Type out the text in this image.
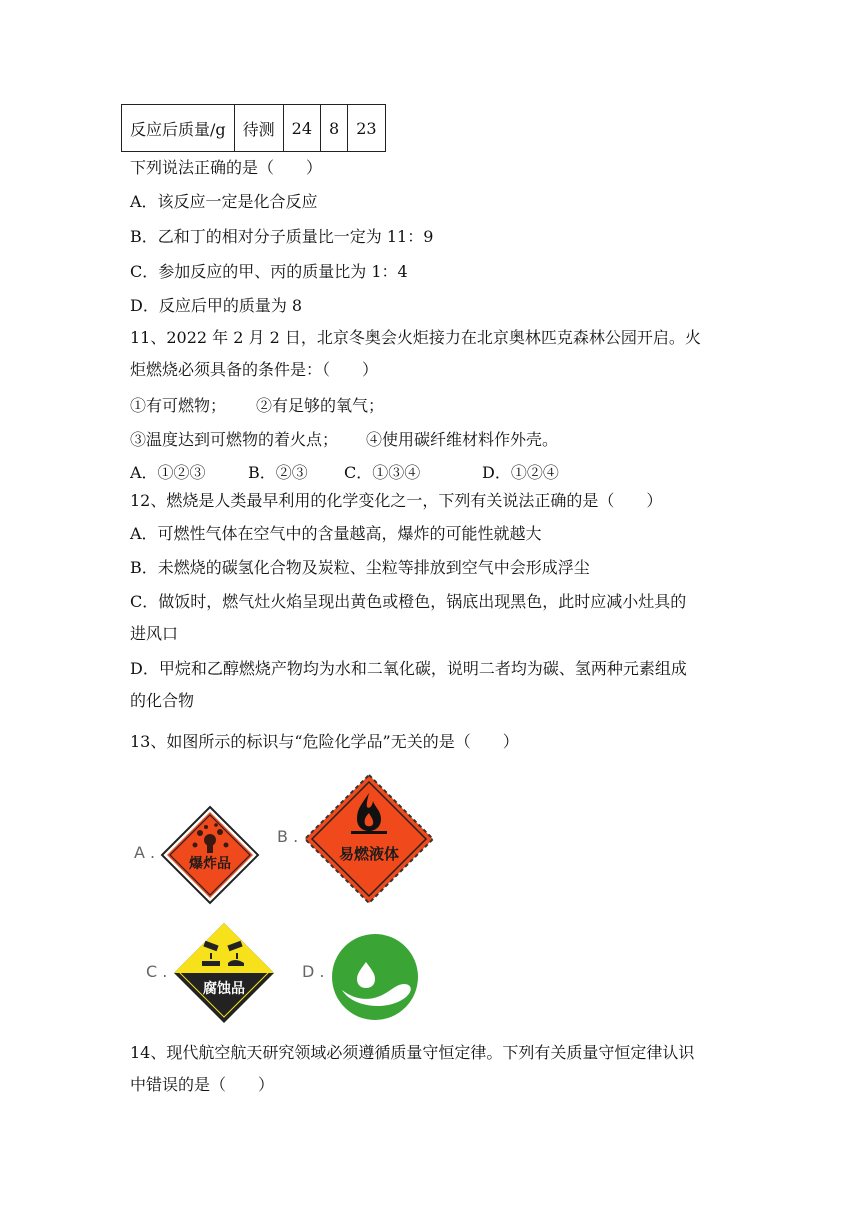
反应后质量/g	待测	24	8	23
下列说法正确的是（　　）
A．该反应一定是化合反应
B．乙和丁的相对分子质量比一定为 11：9
C．参加反应的甲、丙的质量比为 1：4
D．反应后甲的质量为 8
11、2022 年 2 月 2 日，北京冬奥会火炬接力在北京奥林匹克森林公园开启。火
炬燃烧必须具备的条件是：（　　）
①有可燃物； ②有足够的氧气；
③温度达到可燃物的着火点； ④使用碳纤维材料作外壳。
A．①②③	B．②③ C．①③④	D．①②④
12、燃烧是人类最早利用的化学变化之一，下列有关说法正确的是（　　）
A．可燃性气体在空气中的含量越高，爆炸的可能性就越大
B．未燃烧的碳氢化合物及炭粒、尘粒等排放到空气中会形成浮尘
C．做饭时，燃气灶火焰呈现出黄色或橙色，锅底出现黑色，此时应减小灶具的
进风口
D．甲烷和乙醇燃烧产物均为水和二氧化碳，说明二者均为碳、氢两种元素组成
的化合物
13、如图所示的标识与“危险化学品”无关的是（　　）
A .
爆炸品
B .
易燃液体
C .
腐蚀品
D .
14、现代航空航天研究领域必须遵循质量守恒定律。下列有关质量守恒定律认识
中错误的是（　　）
